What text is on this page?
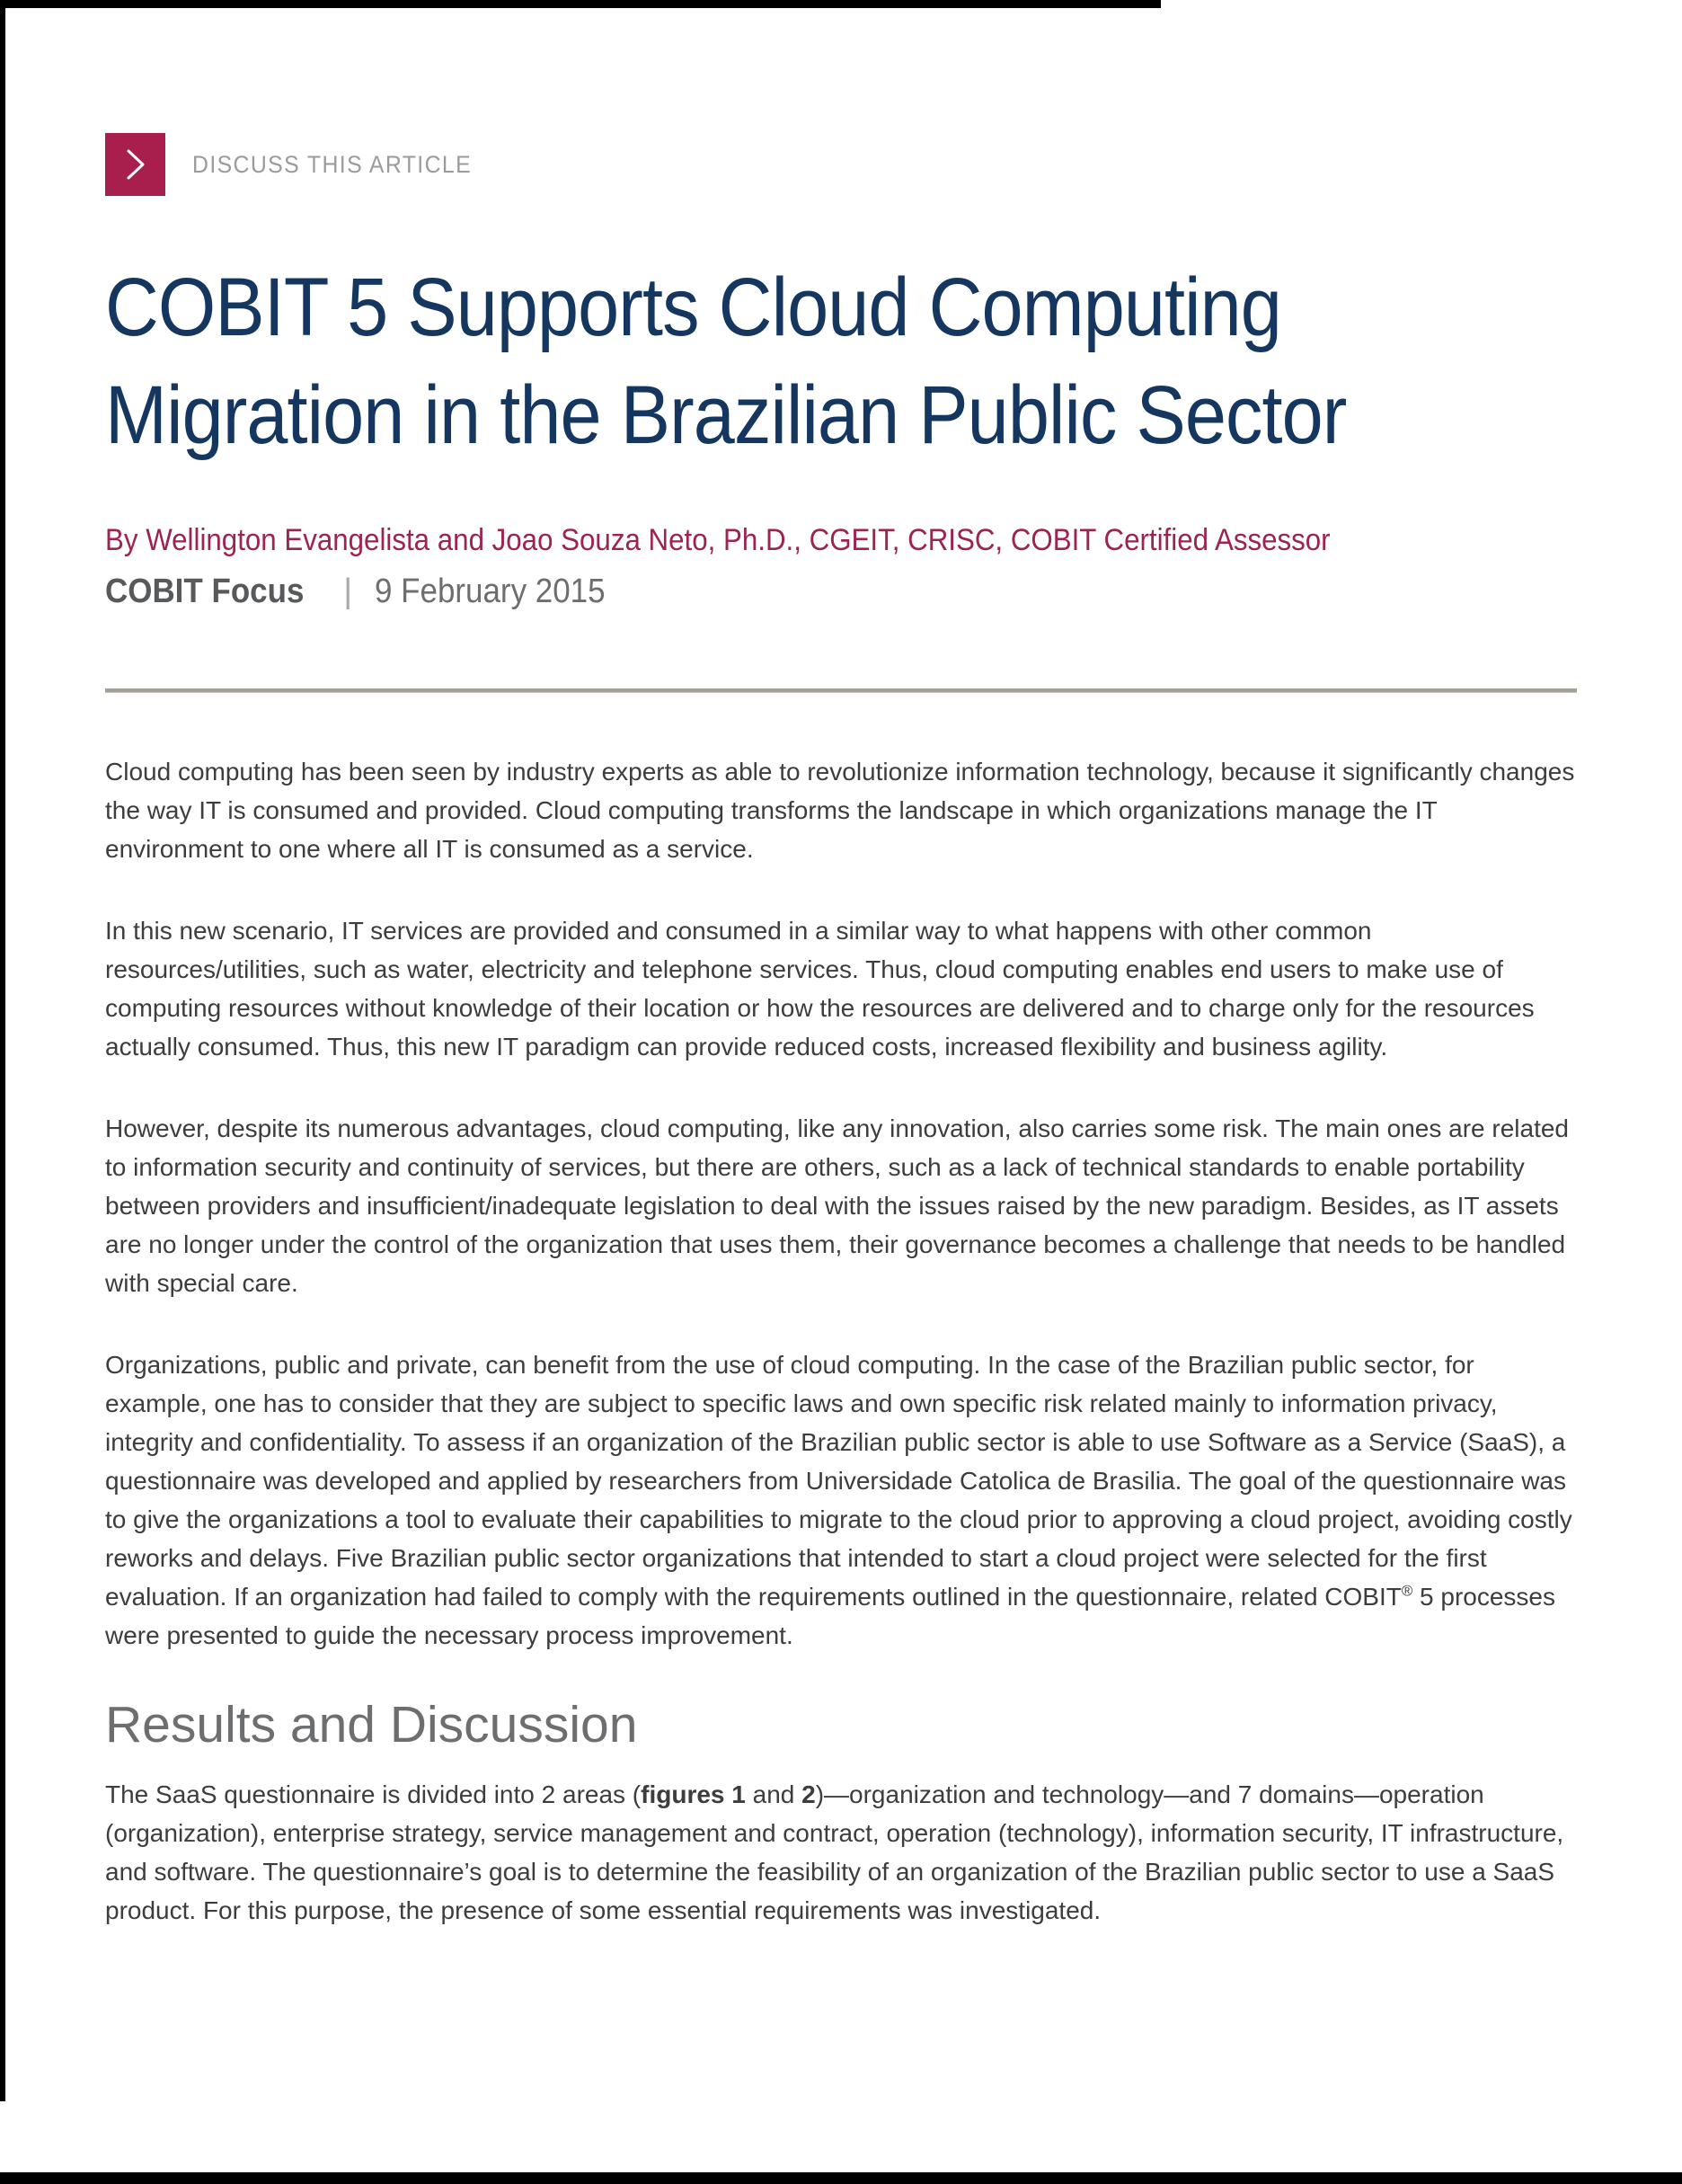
DISCUSS THIS ARTICLE
COBIT 5 Supports Cloud Computing
Migration in the Brazilian Public Sector
By Wellington Evangelista and Joao Souza Neto, Ph.D., CGEIT, CRISC, COBIT Certified Assessor
COBIT Focus | 9 February 2015

Cloud computing has been seen by industry experts as able to revolutionize information technology, because it significantly changes the way IT is consumed and provided. Cloud computing transforms the landscape in which organizations manage the IT environment to one where all IT is consumed as a service.

In this new scenario, IT services are provided and consumed in a similar way to what happens with other common resources/utilities, such as water, electricity and telephone services. Thus, cloud computing enables end users to make use of computing resources without knowledge of their location or how the resources are delivered and to charge only for the resources actually consumed. Thus, this new IT paradigm can provide reduced costs, increased flexibility and business agility.

However, despite its numerous advantages, cloud computing, like any innovation, also carries some risk. The main ones are related to information security and continuity of services, but there are others, such as a lack of technical standards to enable portability between providers and insufficient/inadequate legislation to deal with the issues raised by the new paradigm. Besides, as IT assets are no longer under the control of the organization that uses them, their governance becomes a challenge that needs to be handled with special care.

Organizations, public and private, can benefit from the use of cloud computing. In the case of the Brazilian public sector, for example, one has to consider that they are subject to specific laws and own specific risk related mainly to information privacy, integrity and confidentiality. To assess if an organization of the Brazilian public sector is able to use Software as a Service (SaaS), a questionnaire was developed and applied by researchers from Universidade Catolica de Brasilia. The goal of the questionnaire was to give the organizations a tool to evaluate their capabilities to migrate to the cloud prior to approving a cloud project, avoiding costly reworks and delays. Five Brazilian public sector organizations that intended to start a cloud project were selected for the first evaluation. If an organization had failed to comply with the requirements outlined in the questionnaire, related COBIT® 5 processes were presented to guide the necessary process improvement.

Results and Discussion

The SaaS questionnaire is divided into 2 areas (figures 1 and 2)—organization and technology—and 7 domains—operation (organization), enterprise strategy, service management and contract, operation (technology), information security, IT infrastructure, and software. The questionnaire’s goal is to determine the feasibility of an organization of the Brazilian public sector to use a SaaS product. For this purpose, the presence of some essential requirements was investigated.
